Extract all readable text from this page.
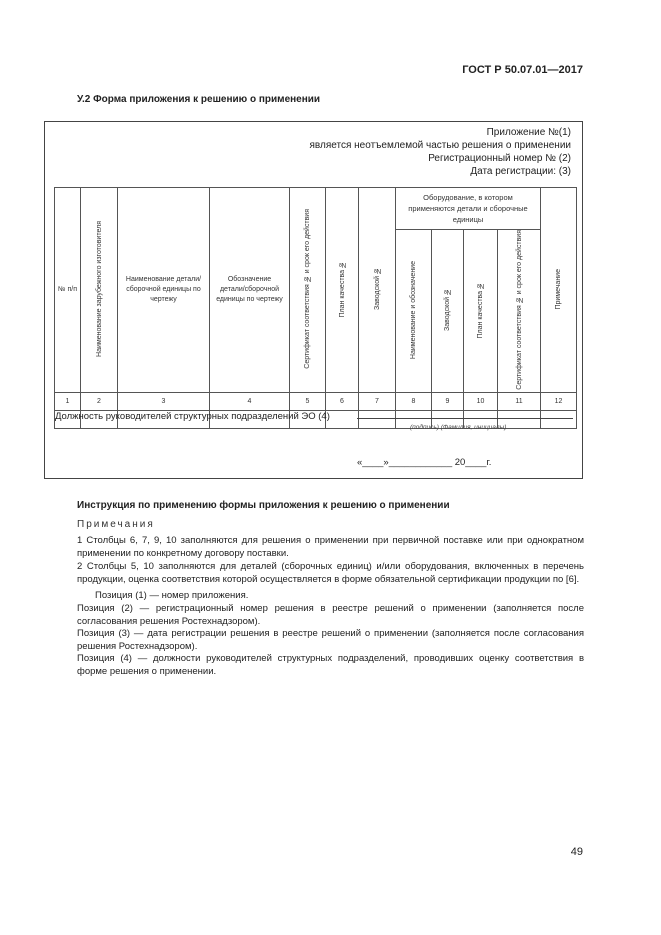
ГОСТ Р 50.07.01—2017
У.2 Форма приложения к решению о применении
Приложение №(1)
является неотъемлемой частью решения о применении
Регистрационный номер № (2)
Дата регистрации: (3)
№ п/п	Наименование зарубежного изготовителя	Наименование детали/сборочной единицы по чертежу	Обозначение детали/сборочной единицы по чертежу	Сертификат соответствия № и срок его действия	План качества №	Заводской №	Оборудование, в котором применяются детали и сборочные единицы				Примечание
							Наименование и обозначение	Заводской №	План качества №	Сертификат соответствия № и срок его действия	
1	2	3	4	5	6	7	8	9	10	11	12

Должность руководителей структурных подразделений ЭО (4)
(подпись) (Фамилия, инициалы)
«____»____________ 20____г.
Инструкция по применению формы приложения к решению о применении
Примечания
1 Столбцы 6, 7, 9, 10 заполняются для решения о применении при первичной поставке или при однократном применении по конкретному договору поставки.
2 Столбцы 5, 10 заполняются для деталей (сборочных единиц) и/или оборудования, включенных в перечень продукции, оценка соответствия которой осуществляется в форме обязательной сертификации продукции по [6].
Позиция (1) — номер приложения.
Позиция (2) — регистрационный номер решения в реестре решений о применении (заполняется после согласования решения Ростехнадзором).
Позиция (3) — дата регистрации решения в реестре решений о применении (заполняется после согласования решения Ростехнадзором).
Позиция (4) — должности руководителей структурных подразделений, проводивших оценку соответствия в форме решения о применении.
49
